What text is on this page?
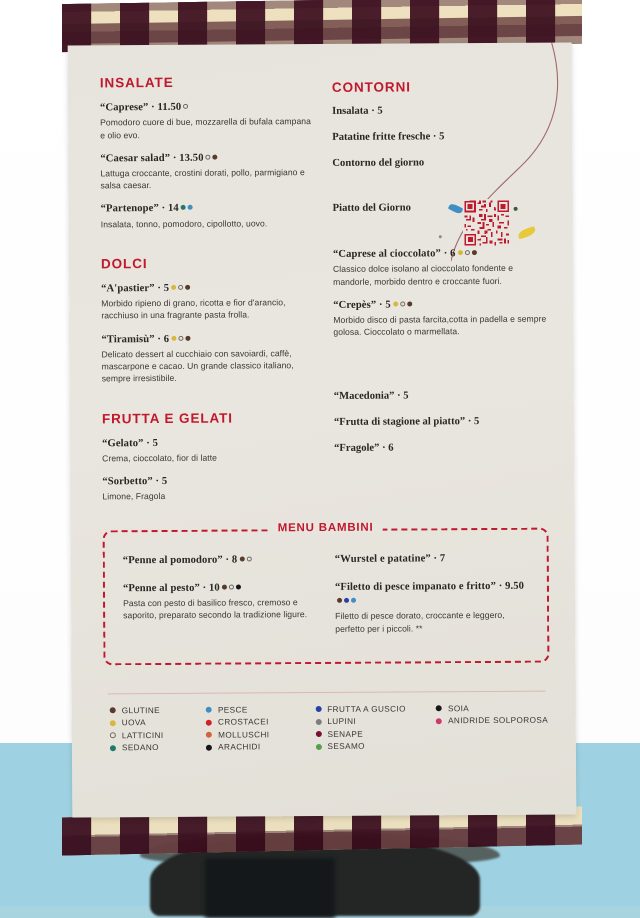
INSALATE
“Caprese” · 11.50
Pomodoro cuore di bue, mozzarella di bufala campana e olio evo.
“Caesar salad” · 13.50
Lattuga croccante, crostini dorati, pollo, parmigiano e salsa caesar.
“Partenope” · 14
Insalata, tonno, pomodoro, cipollotto, uovo.
DOLCI
“A'pastier” · 5
Morbido ripieno di grano, ricotta e fior d'arancio, racchiuso in una fragrante pasta frolla.
“Tiramisù” · 6
Delicato dessert al cucchiaio con savoiardi, caffè, mascarpone e cacao. Un grande classico italiano, sempre irresistibile.
FRUTTA E GELATI
“Gelato” · 5
Crema, cioccolato, fior di latte
“Sorbetto” · 5
Limone, Fragola
CONTORNI
Insalata · 5
Patatine fritte fresche · 5
Contorno del giorno
Piatto del Giorno
“Caprese al cioccolato” · 6
Classico dolce isolano al cioccolato fondente e mandorle, morbido dentro e croccante fuori.
“Crepès” · 5
Morbido disco di pasta farcita,cotta in padella e sempre golosa. Cioccolato o marmellata.
“Macedonia” · 5
“Frutta di stagione al piatto” · 5
“Fragole” · 6
MENU BAMBINI
“Penne al pomodoro” · 8
“Penne al pesto” · 10
Pasta con pesto di basilico fresco, cremoso e saporito, preparato secondo la tradizione ligure.
“Wurstel e patatine” · 7
“Filetto di pesce impanato e fritto” · 9.50
Filetto di pesce dorato, croccante e leggero, perfetto per i piccoli. **
GLUTINE
UOVA
LATTICINI
SEDANO
PESCE
CROSTACEI
MOLLUSCHI
ARACHIDI
FRUTTA A GUSCIO
LUPINI
SENAPE
SESAMO
SOIA
ANIDRIDE SOLPOROSA
